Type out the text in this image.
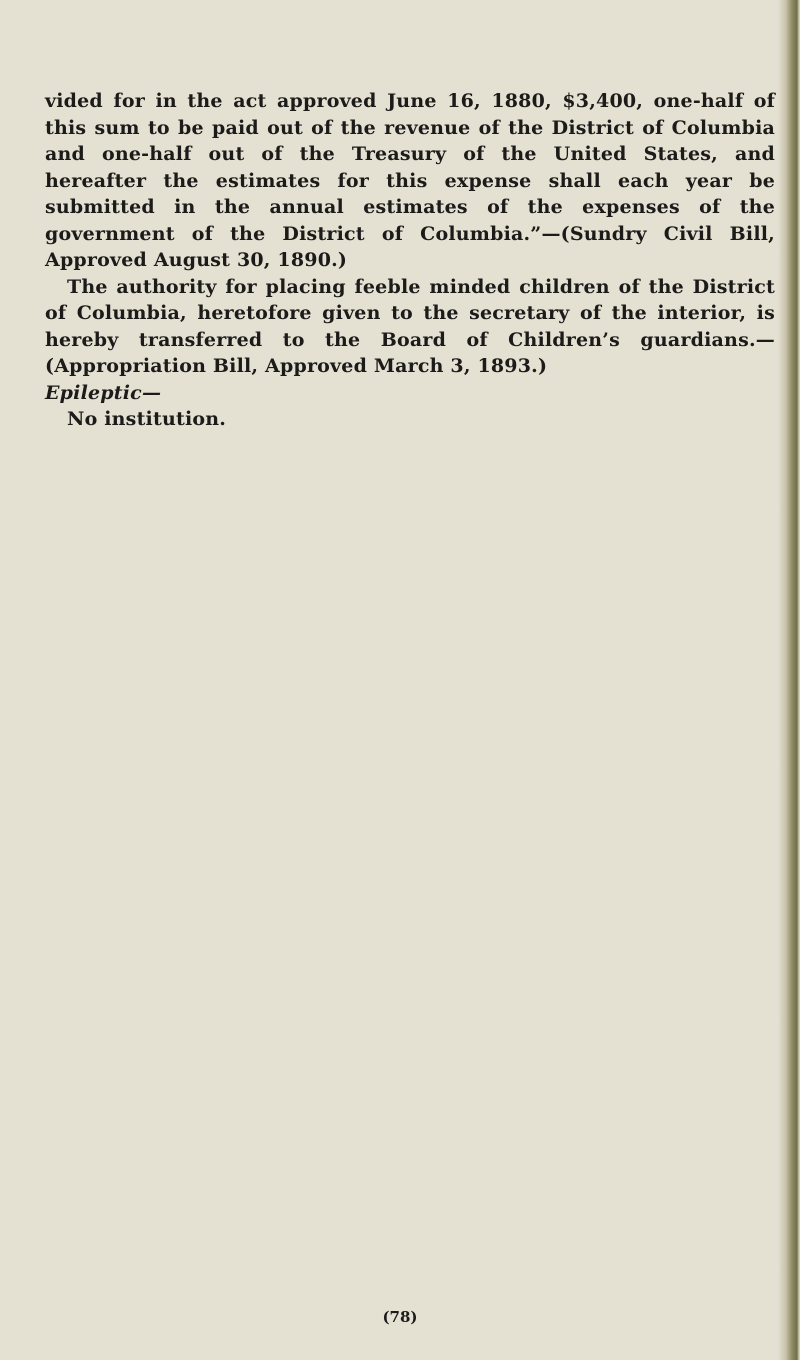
vided for in the act approved June 16, 1880, $3,400, one-half of this sum to be paid out of the revenue of the District of Columbia and one-half out of the Treasury of the United States, and hereafter the estimates for this expense shall each year be submitted in the annual estimates of the expenses of the government of the District of Columbia.”—(Sundry Civil Bill, Approved August 30, 1890.)

The authority for placing feeble minded children of the District of Columbia, heretofore given to the secretary of the interior, is hereby transferred to the Board of Children’s guardians.—(Appropriation Bill, Approved March 3, 1893.)

Epileptic—

No institution.

(78)
